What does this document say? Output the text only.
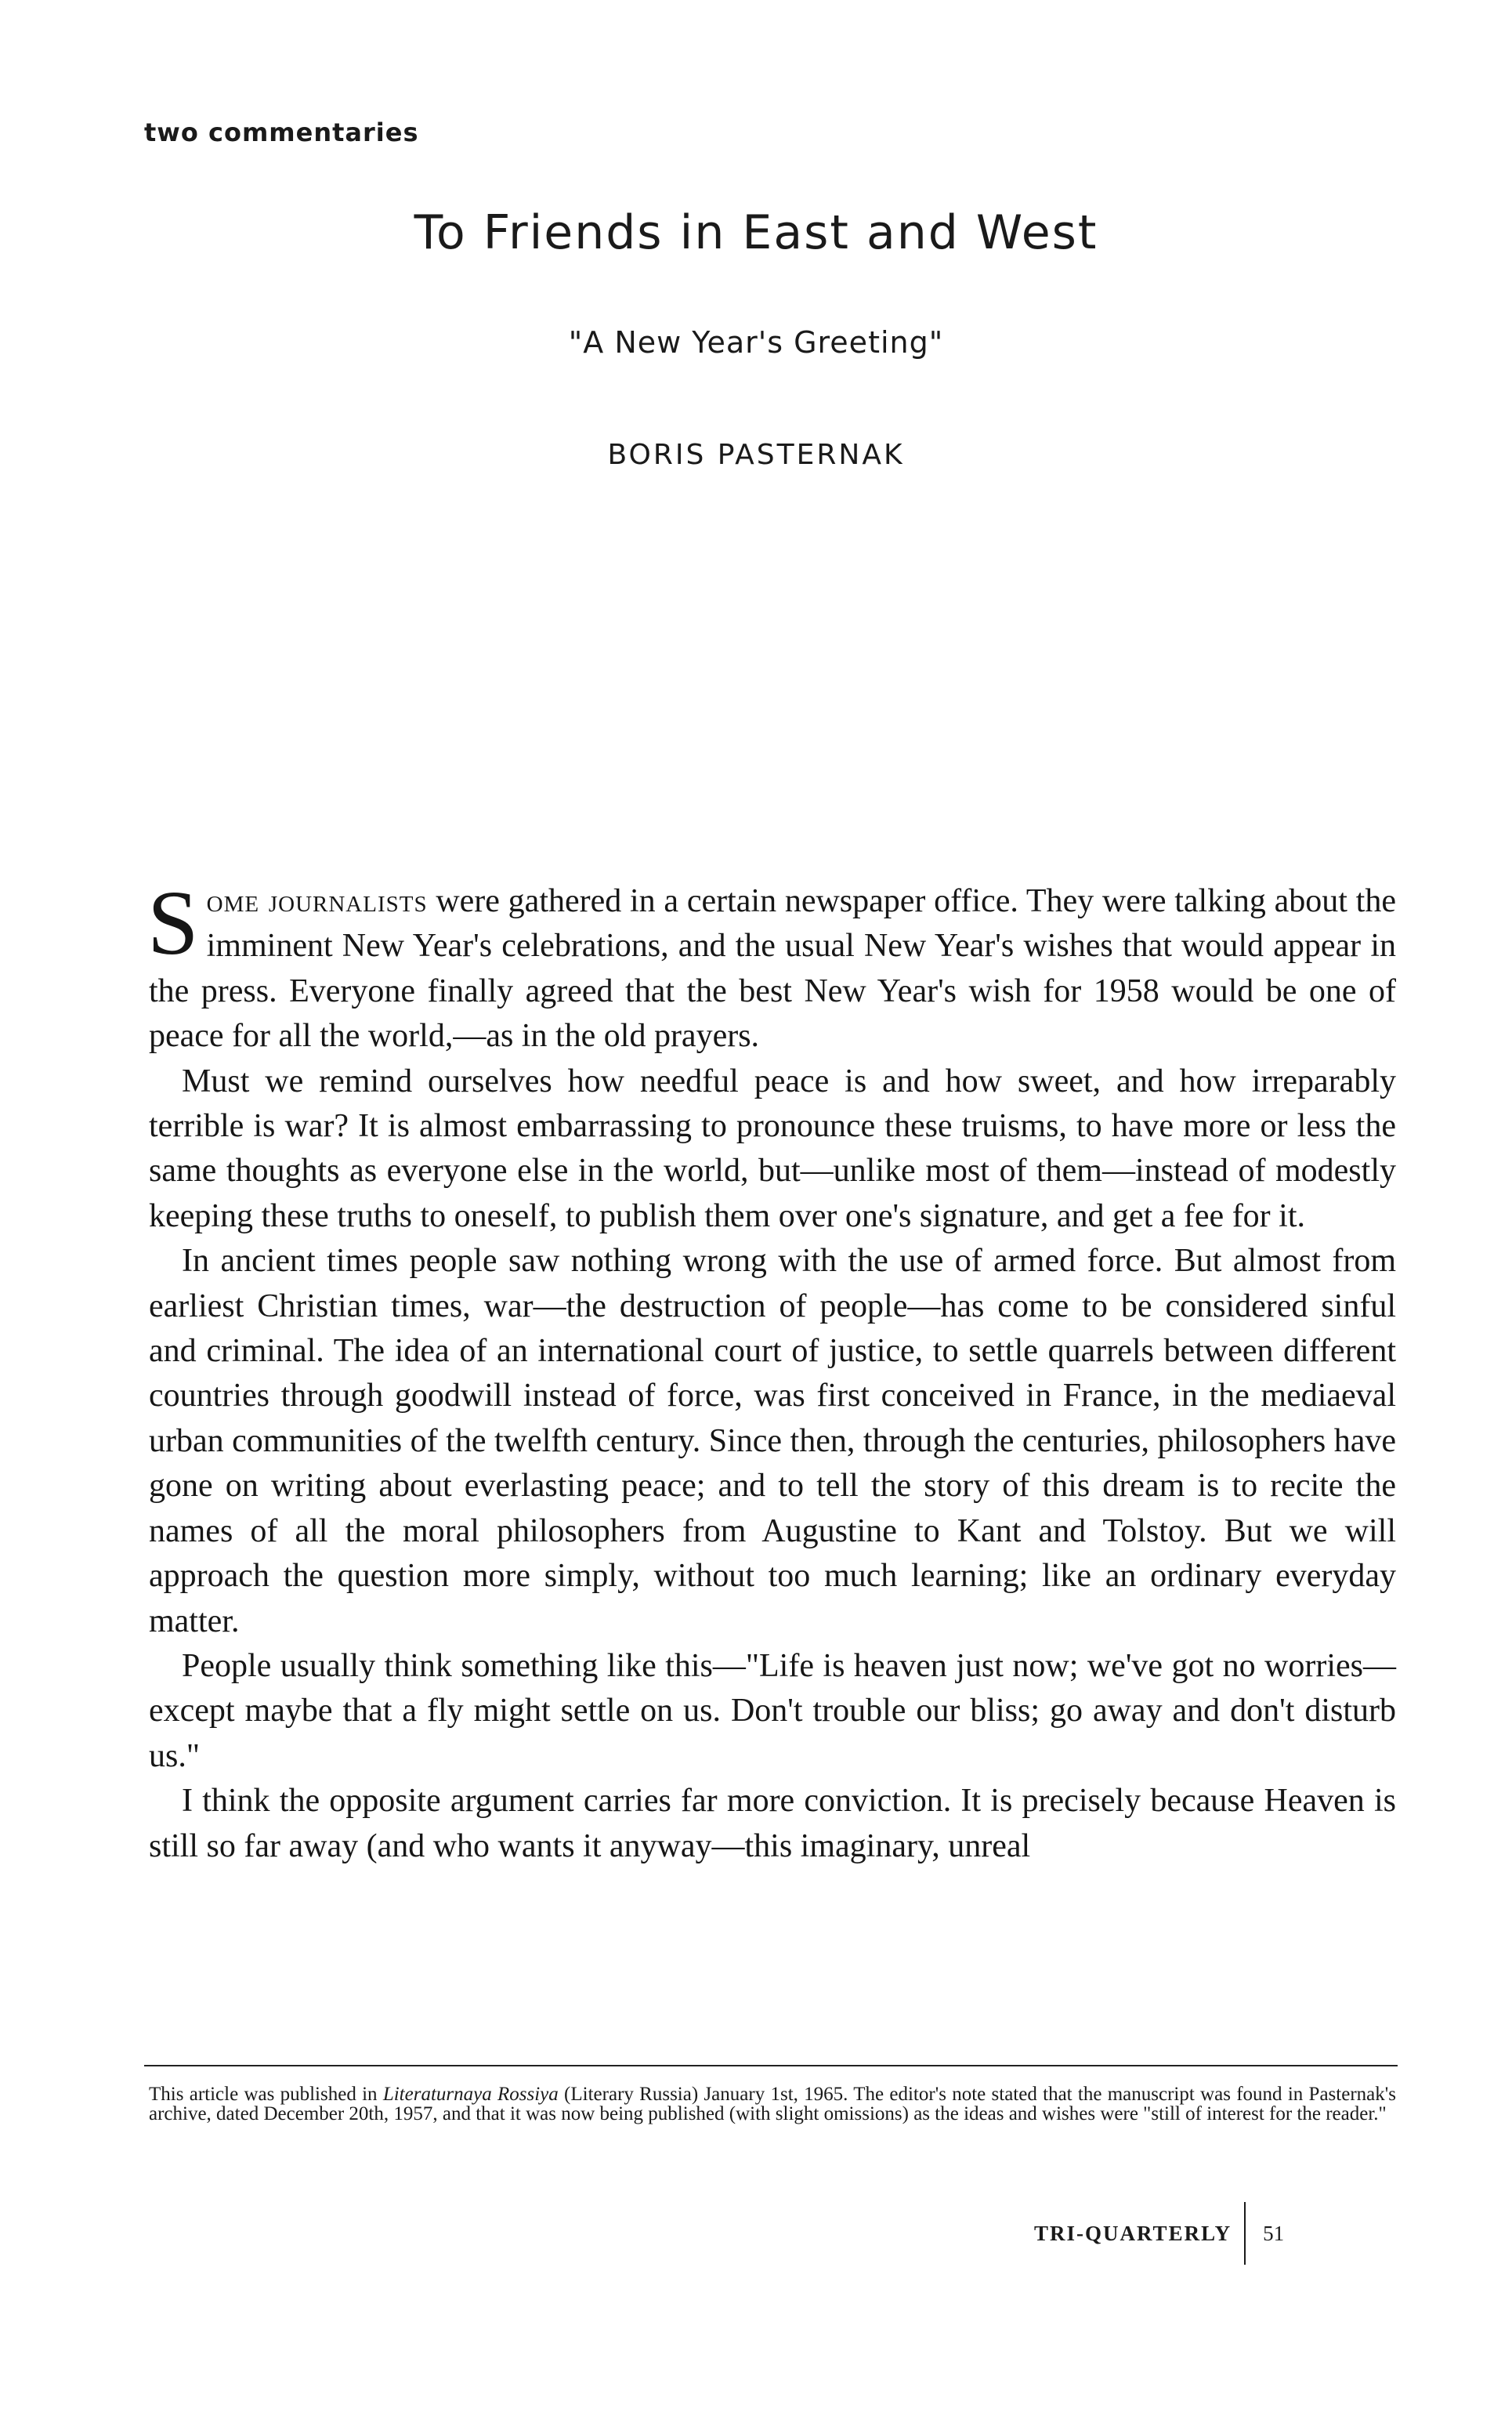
two commentaries
To Friends in East and West
"A New Year's Greeting"
BORIS PASTERNAK

Some journalists were gathered in a certain newspaper office. They were talking about the imminent New Year's celebrations, and the usual New Year's wishes that would appear in the press. Everyone finally agreed that the best New Year's wish for 1958 would be one of peace for all the world,—as in the old prayers.

Must we remind ourselves how needful peace is and how sweet, and how irreparably terrible is war? It is almost embarrassing to pronounce these truisms, to have more or less the same thoughts as everyone else in the world, but—unlike most of them—instead of modestly keeping these truths to oneself, to publish them over one's signature, and get a fee for it.

In ancient times people saw nothing wrong with the use of armed force. But almost from earliest Christian times, war—the destruction of people—has come to be considered sinful and criminal. The idea of an international court of justice, to settle quarrels between different countries through goodwill instead of force, was first conceived in France, in the mediaeval urban communities of the twelfth century. Since then, through the centuries, philosophers have gone on writing about everlasting peace; and to tell the story of this dream is to recite the names of all the moral philosophers from Augustine to Kant and Tolstoy. But we will approach the question more simply, without too much learning; like an ordinary everyday matter.

People usually think something like this—"Life is heaven just now; we've got no worries—except maybe that a fly might settle on us. Don't trouble our bliss; go away and don't disturb us."

I think the opposite argument carries far more conviction. It is precisely because Heaven is still so far away (and who wants it anyway—this imaginary, unreal

This article was published in Literaturnaya Rossiya (Literary Russia) January 1st, 1965. The editor's note stated that the manuscript was found in Pasternak's archive, dated December 20th, 1957, and that it was now being published (with slight omissions) as the ideas and wishes were "still of interest for the reader."
TRI-QUARTERLY 51
